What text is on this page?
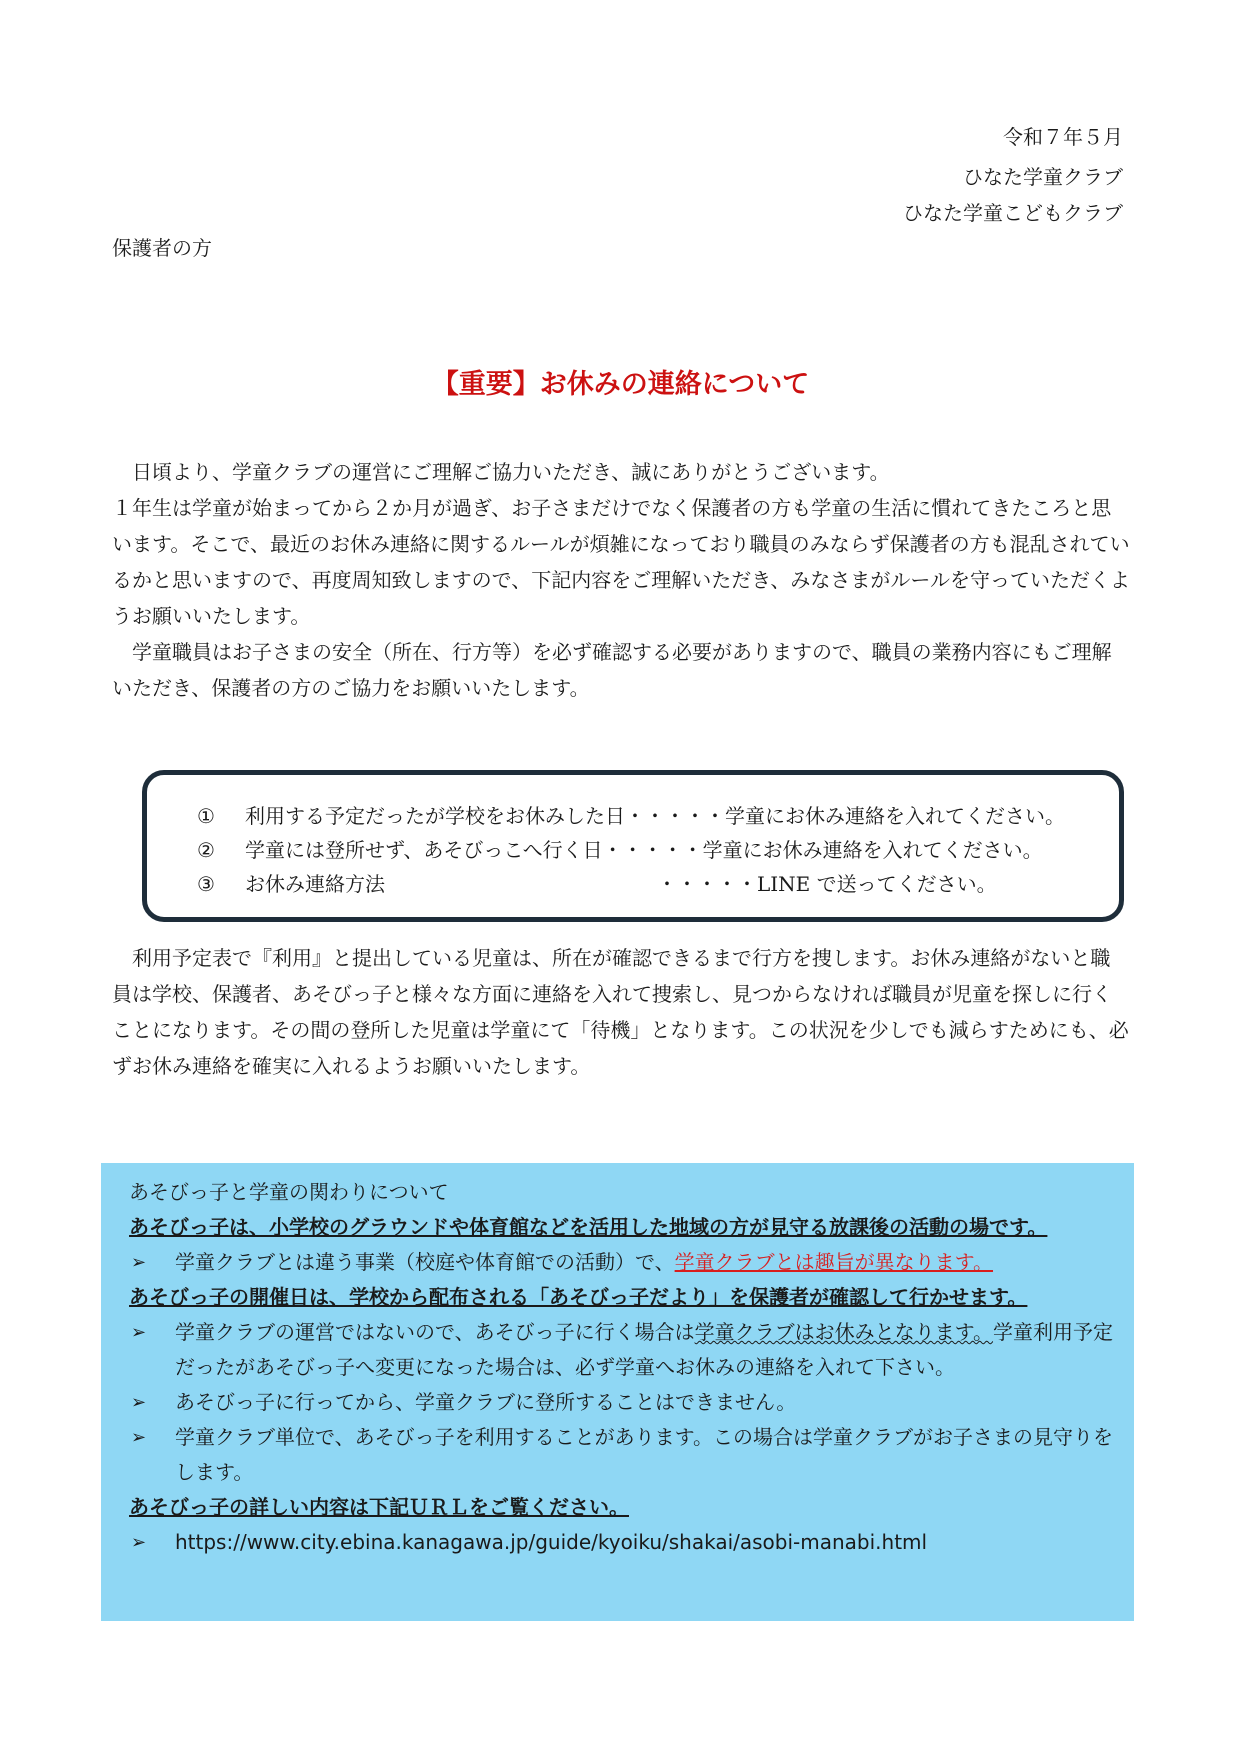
令和７年５月
ひなた学童クラブ
ひなた学童こどもクラブ
保護者の方
【重要】お休みの連絡について

日頃より、学童クラブの運営にご理解ご協力いただき、誠にありがとうございます。

１年生は学童が始まってから２か月が過ぎ、お子さまだけでなく保護者の方も学童の生活に慣れてきたころと思います。そこで、最近のお休み連絡に関するルールが煩雑になっており職員のみならず保護者の方も混乱されているかと思いますので、再度周知致しますので、下記内容をご理解いただき、みなさまがルールを守っていただくようお願いいたします。

学童職員はお子さまの安全（所在、行方等）を必ず確認する必要がありますので、職員の業務内容にもご理解いただき、保護者の方のご協力をお願いいたします。

① 利用する予定だったが学校をお休みした日・・・・・学童にお休み連絡を入れてください。
② 学童には登所せず、あそびっこへ行く日・・・・・学童にお休み連絡を入れてください。
③ お休み連絡方法	・・・・・LINE で送ってください。

利用予定表で『利用』と提出している児童は、所在が確認できるまで行方を捜します。お休み連絡がないと職員は学校、保護者、あそびっ子と様々な方面に連絡を入れて捜索し、見つからなければ職員が児童を探しに行くことになります。その間の登所した児童は学童にて「待機」となります。この状況を少しでも減らすためにも、必ずお休み連絡を確実に入れるようお願いいたします。

あそびっ子と学童の関わりについて

あそびっ子は、小学校のグラウンドや体育館などを活用した地域の方が見守る放課後の活動の場です。

➢ 学童クラブとは違う事業（校庭や体育館での活動）で、学童クラブとは趣旨が異なります。

あそびっ子の開催日は、学校から配布される「あそびっ子だより」を保護者が確認して行かせます。

➢ 学童クラブの運営ではないので、あそびっ子に行く場合は学童クラブはお休みとなります。学童利用予定だったがあそびっ子へ変更になった場合は、必ず学童へお休みの連絡を入れて下さい。

➢ あそびっ子に行ってから、学童クラブに登所することはできません。

➢ 学童クラブ単位で、あそびっ子を利用することがあります。この場合は学童クラブがお子さまの見守りをします。

あそびっ子の詳しい内容は下記ＵＲＬをご覧ください。

➢ https://www.city.ebina.kanagawa.jp/guide/kyoiku/shakai/asobi-manabi.html
